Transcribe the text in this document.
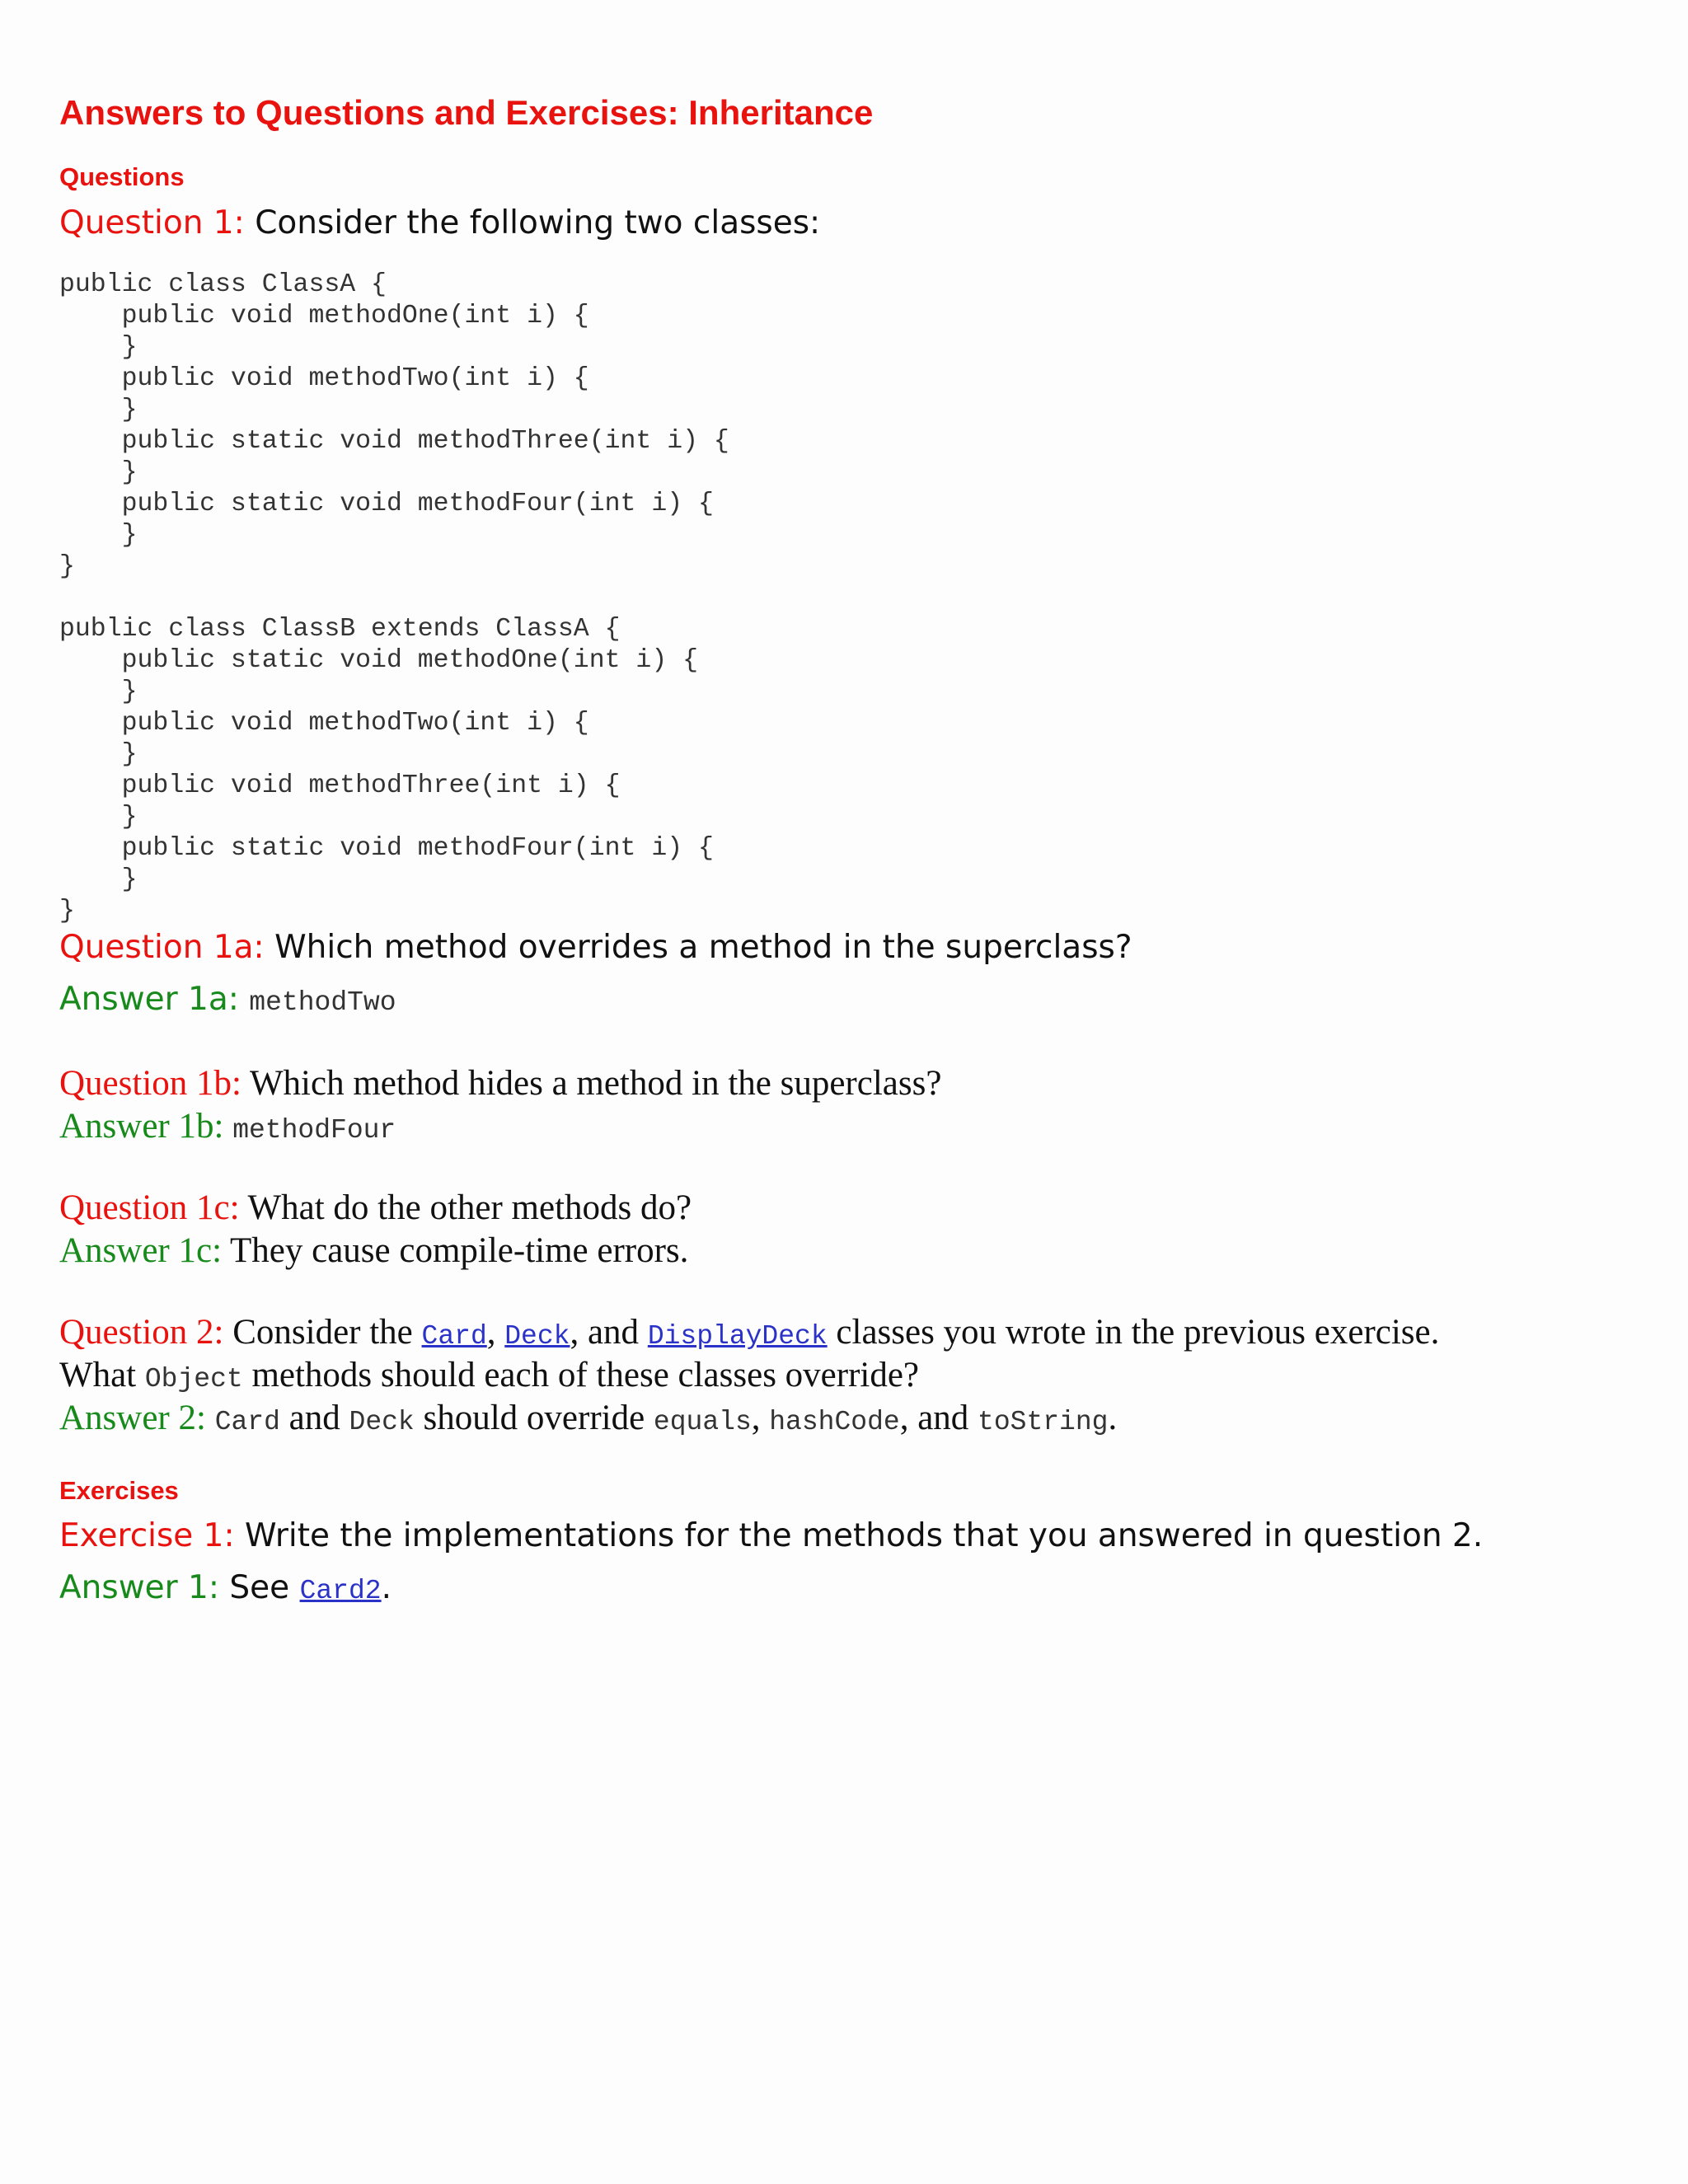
Answers to Questions and Exercises: Inheritance
Questions
Question 1: Consider the following two classes:
public class ClassA {
public void methodOne(int i) {
}
public void methodTwo(int i) {
}
public static void methodThree(int i) {
}
public static void methodFour(int i) {
}
}

public class ClassB extends ClassA {
public static void methodOne(int i) {
}
public void methodTwo(int i) {
}
public void methodThree(int i) {
}
public static void methodFour(int i) {
}
}
Question 1a: Which method overrides a method in the superclass?
Answer 1a: methodTwo
Question 1b: Which method hides a method in the superclass?
Answer 1b: methodFour
Question 1c: What do the other methods do?
Answer 1c: They cause compile-time errors.
Question 2: Consider the Card, Deck, and DisplayDeck classes you wrote in the previous exercise.
What Object methods should each of these classes override?
Answer 2: Card and Deck should override equals, hashCode, and toString.
Exercises
Exercise 1: Write the implementations for the methods that you answered in question 2.
Answer 1: See Card2.
